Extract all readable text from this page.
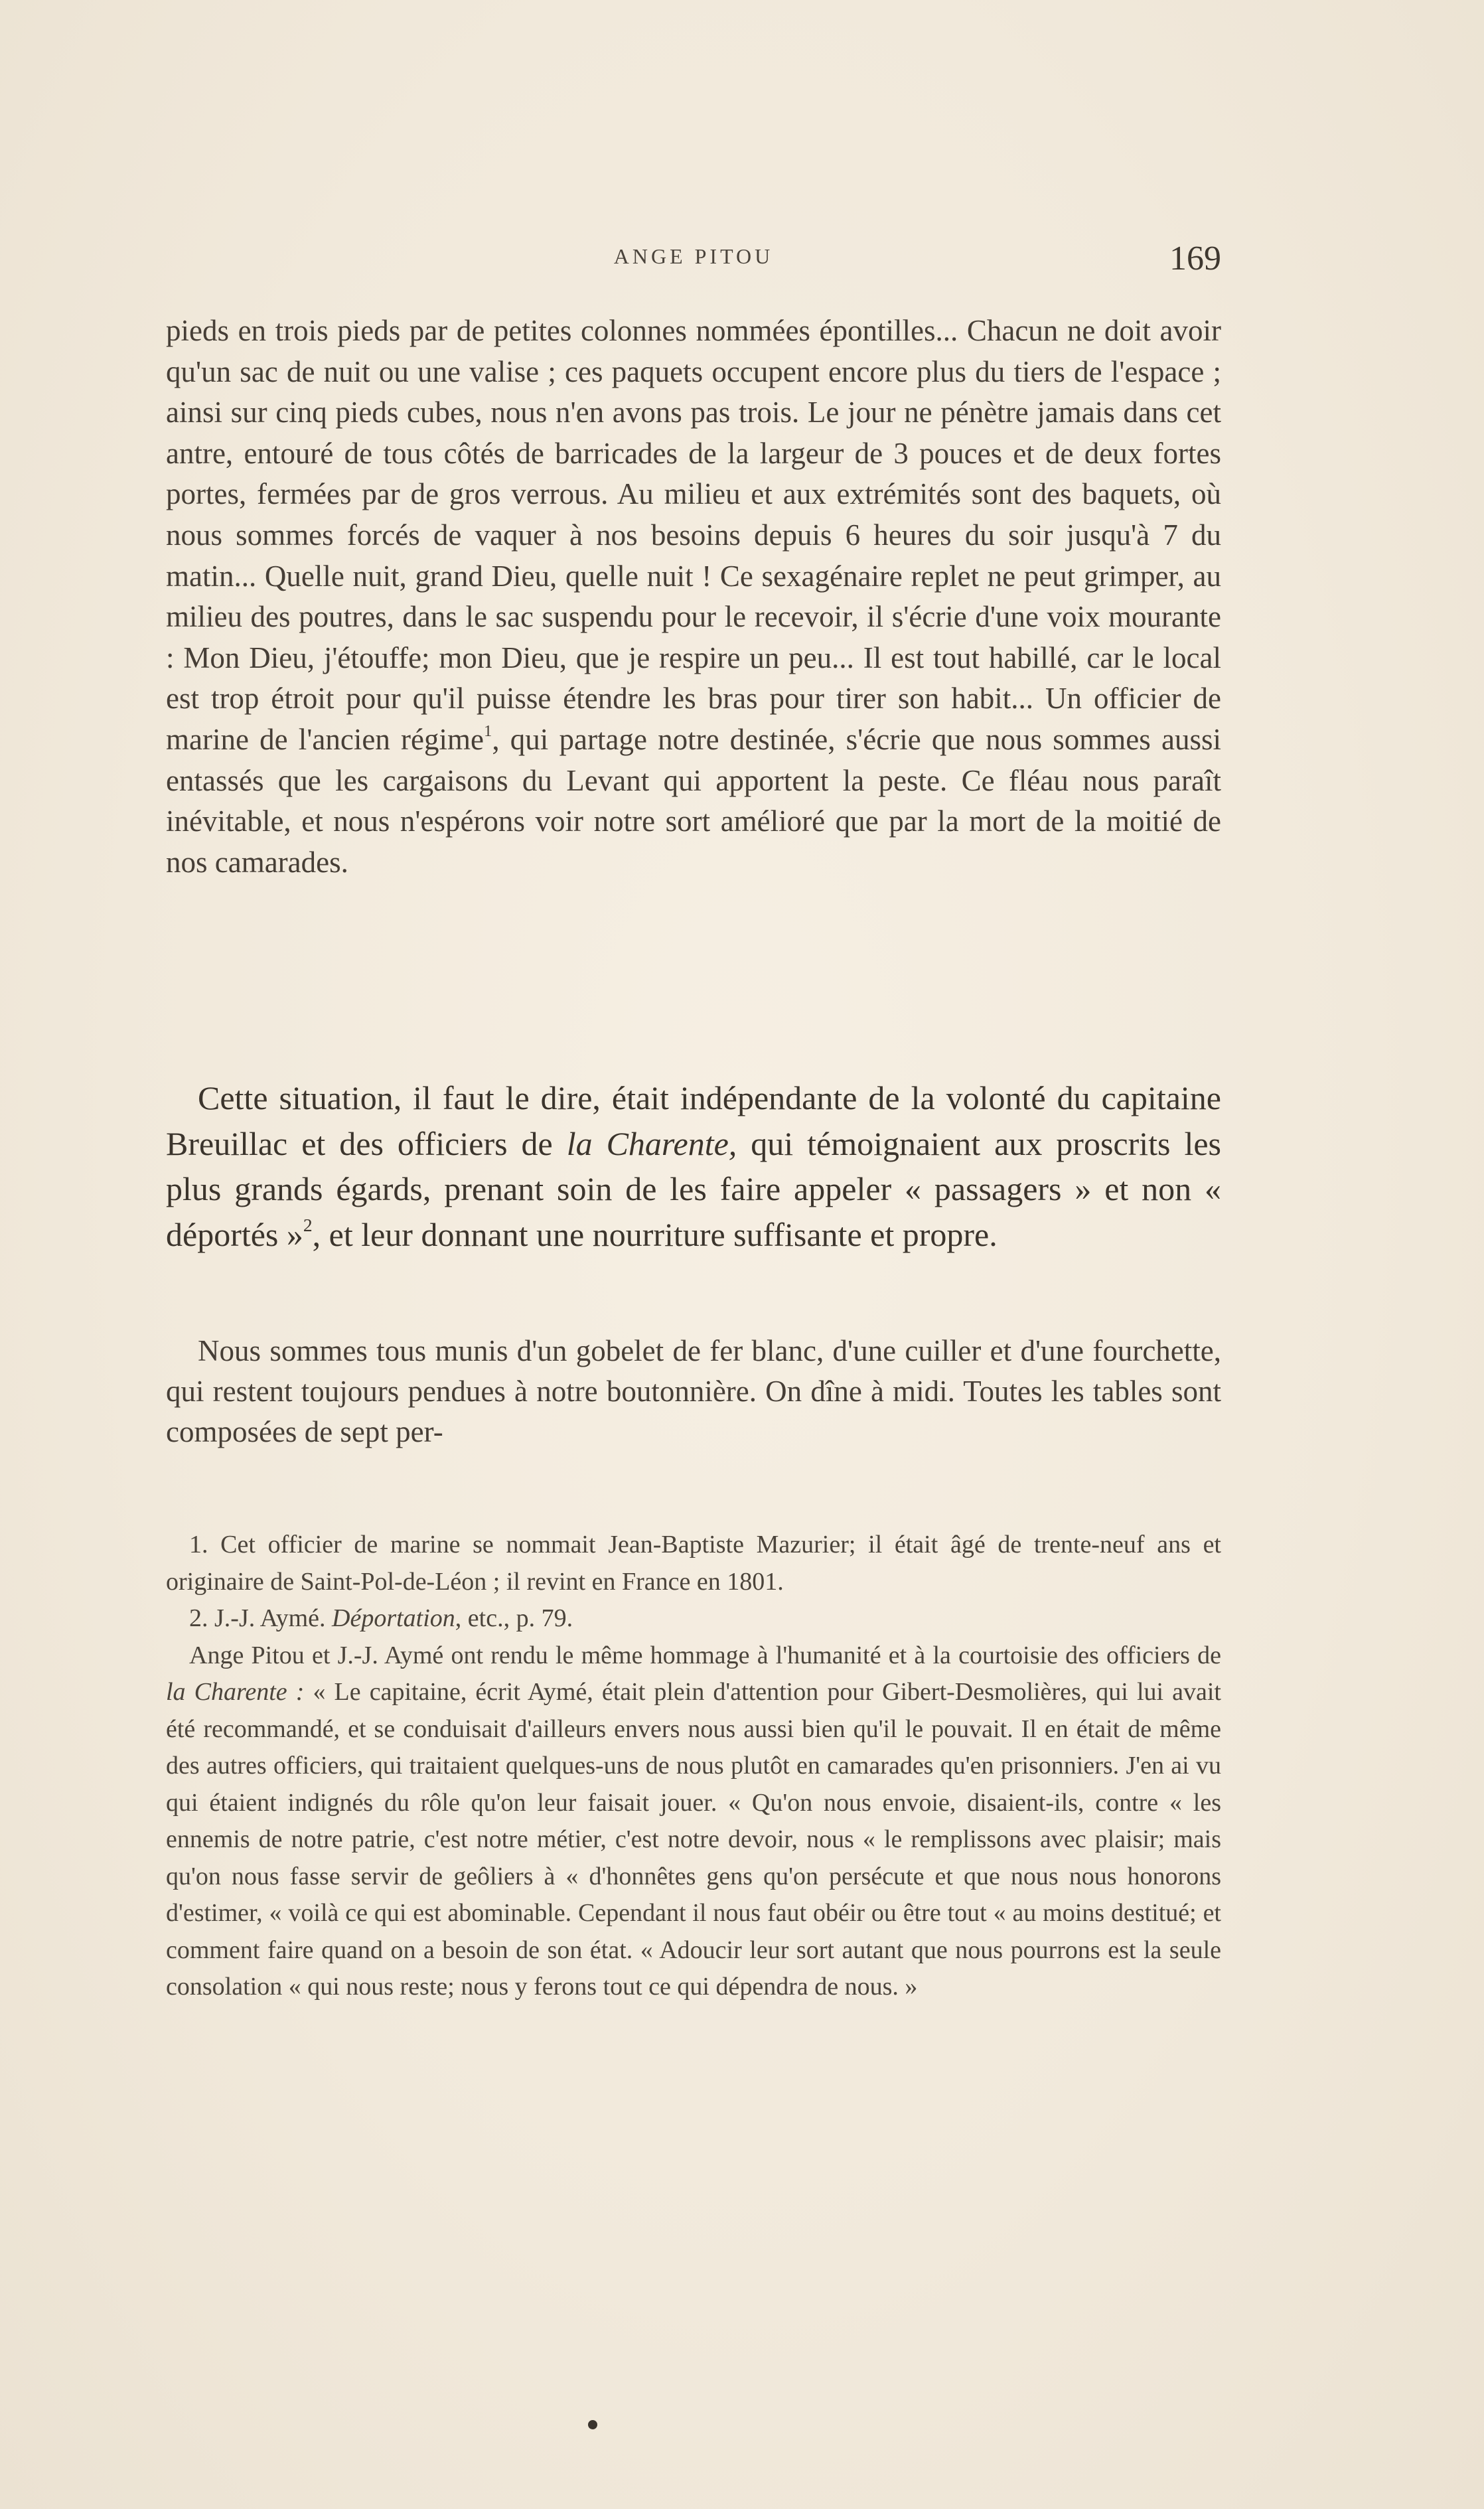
ANGE PITOU	169

pieds en trois pieds par de petites colonnes nommées épontilles... Chacun ne doit avoir qu'un sac de nuit ou une valise ; ces paquets occupent encore plus du tiers de l'espace ; ainsi sur cinq pieds cubes, nous n'en avons pas trois. Le jour ne pénètre jamais dans cet antre, entouré de tous côtés de barricades de la largeur de 3 pouces et de deux fortes portes, fermées par de gros verrous. Au milieu et aux extrémités sont des baquets, où nous sommes forcés de vaquer à nos besoins depuis 6 heures du soir jusqu'à 7 du matin... Quelle nuit, grand Dieu, quelle nuit ! Ce sexagénaire replet ne peut grimper, au milieu des poutres, dans le sac suspendu pour le recevoir, il s'écrie d'une voix mourante : Mon Dieu, j'étouffe; mon Dieu, que je respire un peu... Il est tout habillé, car le local est trop étroit pour qu'il puisse étendre les bras pour tirer son habit... Un officier de marine de l'ancien régime$^1$, qui partage notre destinée, s'écrie que nous sommes aussi entassés que les cargaisons du Levant qui apportent la peste. Ce fléau nous paraît inévitable, et nous n'espérons voir notre sort amélioré que par la mort de la moitié de nos camarades.

Cette situation, il faut le dire, était indépendante de la volonté du capitaine Breuillac et des officiers de la Charente, qui témoignaient aux proscrits les plus grands égards, prenant soin de les faire appeler « passagers » et non « déportés »$^2$, et leur donnant une nourriture suffisante et propre.

Nous sommes tous munis d'un gobelet de fer blanc, d'une cuiller et d'une fourchette, qui restent toujours pendues à notre boutonnière. On dîne à midi. Toutes les tables sont composées de sept per-

1. Cet officier de marine se nommait Jean-Baptiste Mazurier; il était âgé de trente-neuf ans et originaire de Saint-Pol-de-Léon ; il revint en France en 1801.

2. J.-J. Aymé. Déportation, etc., p. 79.

Ange Pitou et J.-J. Aymé ont rendu le même hommage à l'humanité et à la courtoisie des officiers de la Charente : « Le capitaine, écrit Aymé, était plein d'attention pour Gibert-Desmolières, qui lui avait été recommandé, et se conduisait d'ailleurs envers nous aussi bien qu'il le pouvait. Il en était de même des autres officiers, qui traitaient quelques-uns de nous plutôt en camarades qu'en prisonniers. J'en ai vu qui étaient indignés du rôle qu'on leur faisait jouer. « Qu'on nous envoie, disaient-ils, contre « les ennemis de notre patrie, c'est notre métier, c'est notre devoir, nous « le remplissons avec plaisir; mais qu'on nous fasse servir de geôliers à « d'honnêtes gens qu'on persécute et que nous nous honorons d'estimer, « voilà ce qui est abominable. Cependant il nous faut obéir ou être tout « au moins destitué; et comment faire quand on a besoin de son état. « Adoucir leur sort autant que nous pourrons est la seule consolation « qui nous reste; nous y ferons tout ce qui dépendra de nous. »
